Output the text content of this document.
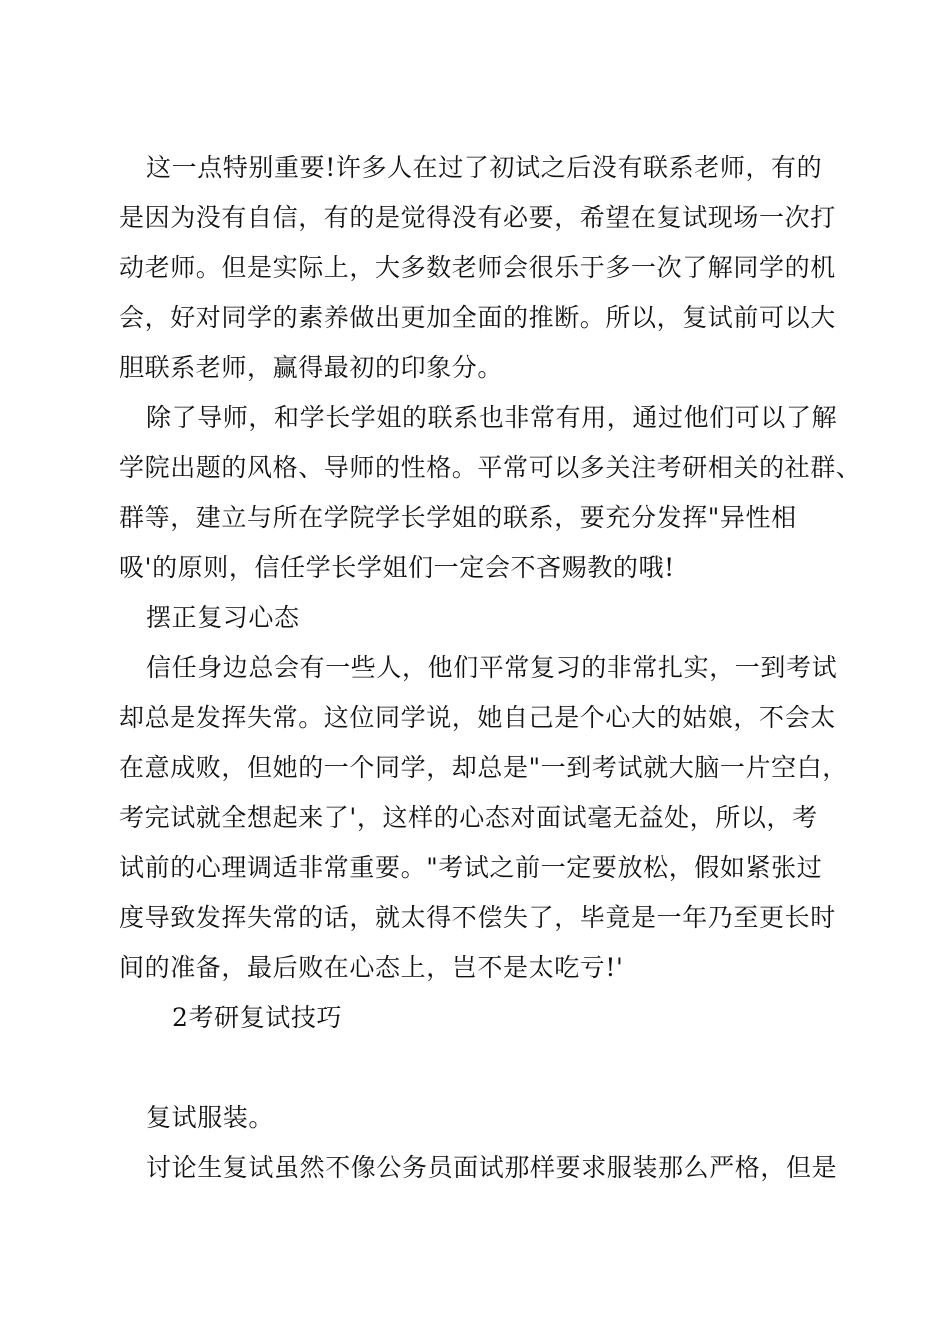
这一点特别重要!许多人在过了初试之后没有联系老师，有的
是因为没有自信，有的是觉得没有必要，希望在复试现场一次打
动老师。但是实际上，大多数老师会很乐于多一次了解同学的机
会，好对同学的素养做出更加全面的推断。所以，复试前可以大
胆联系老师，赢得最初的印象分。
除了导师，和学长学姐的联系也非常有用，通过他们可以了解
学院出题的风格、导师的性格。平常可以多关注考研相关的社群、
群等，建立与所在学院学长学姐的联系，要充分发挥"异性相
吸'的原则，信任学长学姐们一定会不吝赐教的哦!
摆正复习心态
信任身边总会有一些人，他们平常复习的非常扎实，一到考试
却总是发挥失常。这位同学说，她自己是个心大的姑娘，不会太
在意成败，但她的一个同学，却总是"一到考试就大脑一片空白，
考完试就全想起来了'，这样的心态对面试毫无益处，所以，考
试前的心理调适非常重要。"考试之前一定要放松，假如紧张过
度导致发挥失常的话，就太得不偿失了，毕竟是一年乃至更长时
间的准备，最后败在心态上，岂不是太吃亏!'
2考研复试技巧
复试服装。
讨论生复试虽然不像公务员面试那样要求服装那么严格，但是
